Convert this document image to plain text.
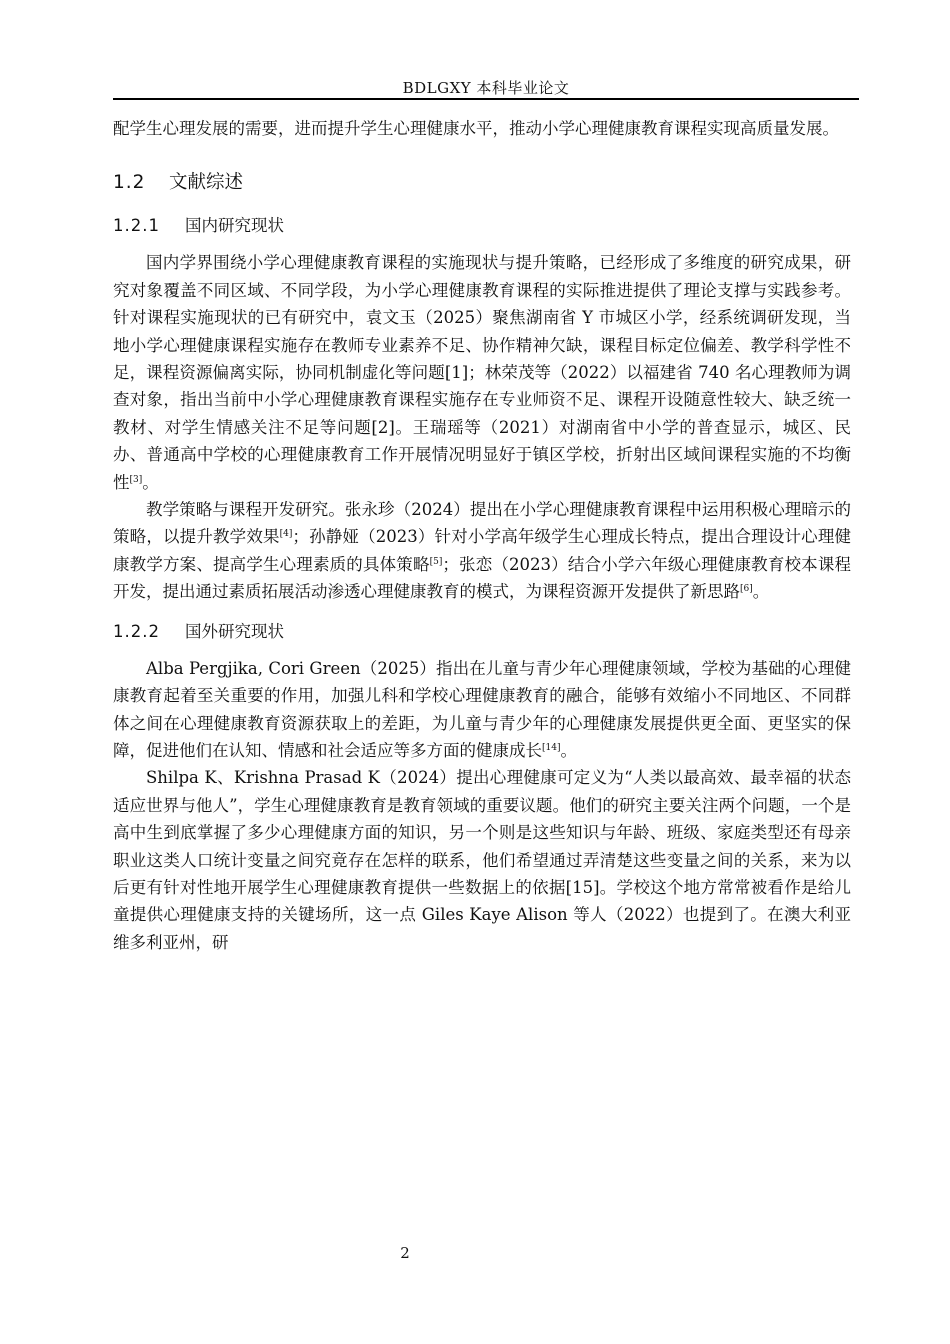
BDLGXY 本科毕业论文

配学生心理发展的需要，进而提升学生心理健康水平，推动小学心理健康教育课程实现高质量发展。

1.2 文献综述
1.2.1 国内研究现状

国内学界围绕小学心理健康教育课程的实施现状与提升策略，已经形成了多维度的研究成果，研究对象覆盖不同区域、不同学段，为小学心理健康教育课程的实际推进提供了理论支撑与实践参考。针对课程实施现状的已有研究中，袁文玉（2025）聚焦湖南省 Y 市城区小学，经系统调研发现，当地小学心理健康课程实施存在教师专业素养不足、协作精神欠缺，课程目标定位偏差、教学科学性不足，课程资源偏离实际，协同机制虚化等问题[1]；林荣茂等（2022）以福建省 740 名心理教师为调查对象，指出当前中小学心理健康教育课程实施存在专业师资不足、课程开设随意性较大、缺乏统一教材、对学生情感关注不足等问题[2]。王瑞瑶等（2021）对湖南省中小学的普查显示，城区、民办、普通高中学校的心理健康教育工作开展情况明显好于镇区学校，折射出区域间课程实施的不均衡性[3]。

教学策略与课程开发研究。张永珍（2024）提出在小学心理健康教育课程中运用积极心理暗示的策略，以提升教学效果[4]；孙静娅（2023）针对小学高年级学生心理成长特点，提出合理设计心理健康教学方案、提高学生心理素质的具体策略[5]；张恋（2023）结合小学六年级心理健康教育校本课程开发，提出通过素质拓展活动渗透心理健康教育的模式，为课程资源开发提供了新思路[6]。

1.2.2 国外研究现状

Alba Pergjika, Cori Green（2025）指出在儿童与青少年心理健康领域，学校为基础的心理健康教育起着至关重要的作用，加强儿科和学校心理健康教育的融合，能够有效缩小不同地区、不同群体之间在心理健康教育资源获取上的差距，为儿童与青少年的心理健康发展提供更全面、更坚实的保障，促进他们在认知、情感和社会适应等多方面的健康成长[14]。

Shilpa K、Krishna Prasad K（2024）提出心理健康可定义为“人类以最高效、最幸福的状态适应世界与他人”，学生心理健康教育是教育领域的重要议题。他们的研究主要关注两个问题，一个是高中生到底掌握了多少心理健康方面的知识，另一个则是这些知识与年龄、班级、家庭类型还有母亲职业这类人口统计变量之间究竟存在怎样的联系，他们希望通过弄清楚这些变量之间的关系，来为以后更有针对性地开展学生心理健康教育提供一些数据上的依据[15]。学校这个地方常常被看作是给儿童提供心理健康支持的关键场所，这一点 Giles Kaye Alison 等人（2022）也提到了。在澳大利亚维多利亚州，研

2
